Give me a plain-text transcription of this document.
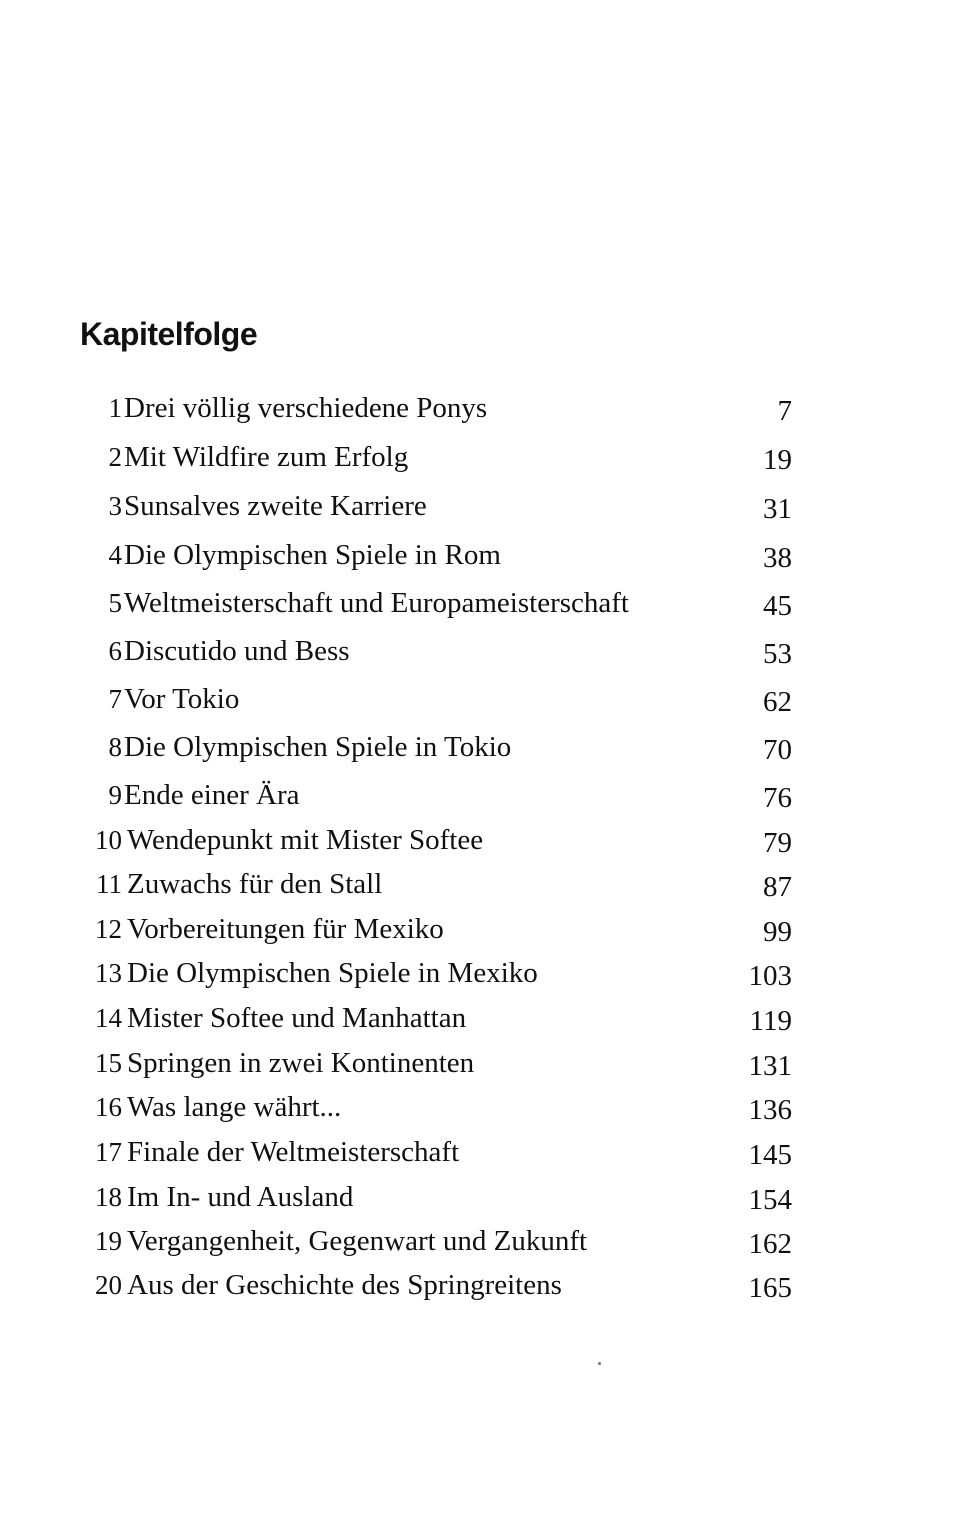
Kapitelfolge
1 Drei völlig verschiedene Ponys	7
2 Mit Wildfire zum Erfolg	19
3 Sunsalves zweite Karriere	31
4 Die Olympischen Spiele in Rom	38
5 Weltmeisterschaft und Europameisterschaft	45
6 Discutido und Bess	53
7 Vor Tokio	62
8 Die Olympischen Spiele in Tokio	70
9 Ende einer Ära	76
10 Wendepunkt mit Mister Softee	79
11 Zuwachs für den Stall	87
12 Vorbereitungen für Mexiko	99
13 Die Olympischen Spiele in Mexiko	103
14 Mister Softee und Manhattan	119
15 Springen in zwei Kontinenten	131
16 Was lange währt...	136
17 Finale der Weltmeisterschaft	145
18 Im In- und Ausland	154
19 Vergangenheit, Gegenwart und Zukunft	162
20 Aus der Geschichte des Springreitens	165
